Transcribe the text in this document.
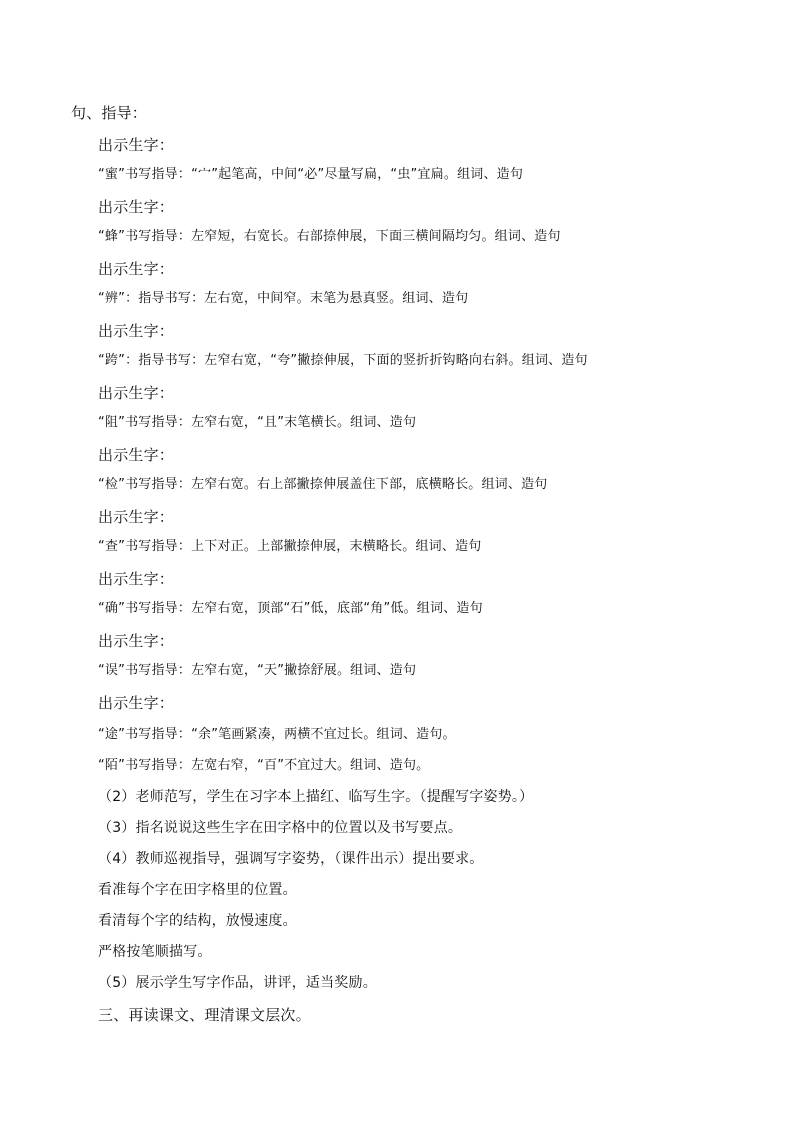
句、指导：
出示生字：
“蜜”书写指导：“宀”起笔高，中间“必”尽量写扁，“虫”宜扁。组词、造句
出示生字：
“蜂”书写指导：左窄短，右宽长。右部捺伸展，下面三横间隔均匀。组词、造句
出示生字：
“辨”：指导书写：左右宽，中间窄。末笔为悬真竖。组词、造句
出示生字：
“跨”：指导书写：左窄右宽，“夸”撇捺伸展，下面的竖折折钩略向右斜。组词、造句
出示生字：
“阻”书写指导：左窄右宽，“且”末笔横长。组词、造句
出示生字：
“检”书写指导：左窄右宽。右上部撇捺伸展盖住下部，底横略长。组词、造句
出示生字：
“查”书写指导：上下对正。上部撇捺伸展，末横略长。组词、造句
出示生字：
“确”书写指导：左窄右宽，顶部“石”低，底部“角”低。组词、造句
出示生字：
“误”书写指导：左窄右宽，“天”撇捺舒展。组词、造句
出示生字：
“途”书写指导：“余”笔画紧凑，两横不宜过长。组词、造句。
“陌”书写指导：左宽右窄，“百”不宜过大。组词、造句。
（2）老师范写，学生在习字本上描红、临写生字。（提醒写字姿势。）
（3）指名说说这些生字在田字格中的位置以及书写要点。
（4）教师巡视指导，强调写字姿势，（课件出示）提出要求。
看准每个字在田字格里的位置。
看清每个字的结构，放慢速度。
严格按笔顺描写。
（5）展示学生写字作品，讲评，适当奖励。
三、再读课文、理清课文层次。
